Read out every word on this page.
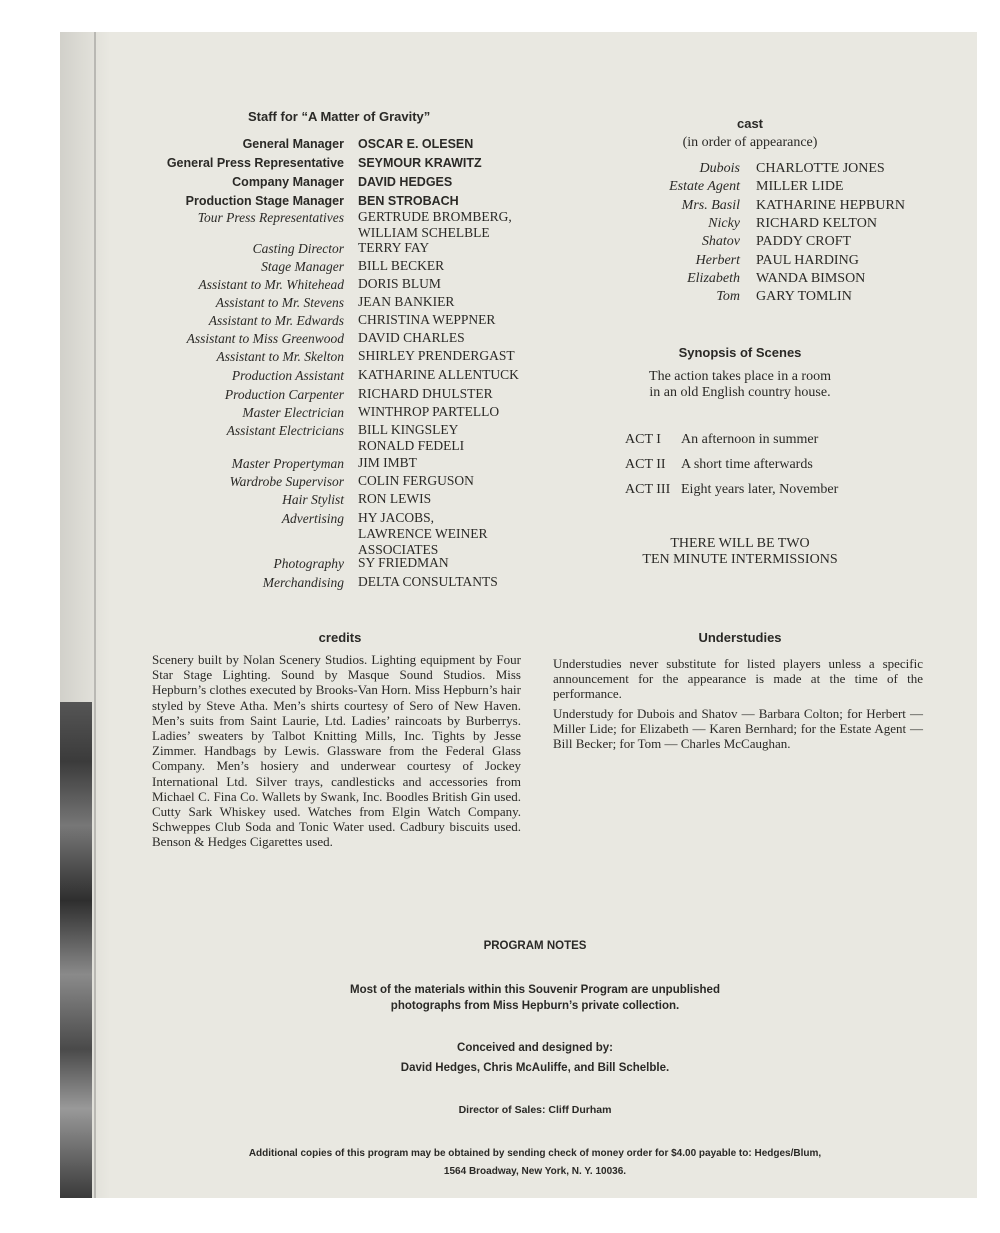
Staff for “A Matter of Gravity”
General Manager OSCAR E. OLESEN
General Press Representative SEYMOUR KRAWITZ
Company Manager DAVID HEDGES
Production Stage Manager BEN STROBACH
Tour Press Representatives GERTRUDE BROMBERG,
WILLIAM SCHELBLE
Casting Director TERRY FAY
Stage Manager BILL BECKER
Assistant to Mr. Whitehead DORIS BLUM
Assistant to Mr. Stevens JEAN BANKIER
Assistant to Mr. Edwards CHRISTINA WEPPNER
Assistant to Miss Greenwood DAVID CHARLES
Assistant to Mr. Skelton SHIRLEY PRENDERGAST
Production Assistant KATHARINE ALLENTUCK
Production Carpenter RICHARD DHULSTER
Master Electrician WINTHROP PARTELLO
Assistant Electricians BILL KINGSLEY
RONALD FEDELI
Master Propertyman JIM IMBT
Wardrobe Supervisor COLIN FERGUSON
Hair Stylist RON LEWIS
Advertising HY JACOBS,
LAWRENCE WEINER
ASSOCIATES
Photography SY FRIEDMAN
Merchandising DELTA CONSULTANTS
cast
(in order of appearance)
Dubois CHARLOTTE JONES
Estate Agent MILLER LIDE
Mrs. Basil KATHARINE HEPBURN
Nicky RICHARD KELTON
Shatov PADDY CROFT
Herbert PAUL HARDING
Elizabeth WANDA BIMSON
Tom GARY TOMLIN
Synopsis of Scenes
The action takes place in a room
in an old English country house.
ACT I	An afternoon in summer
ACT II	A short time afterwards
ACT III Eight years later, November
THERE WILL BE TWO
TEN MINUTE INTERMISSIONS
credits
Scenery built by Nolan Scenery Studios. Lighting equipment by Four Star Stage Lighting. Sound by Masque Sound Studios. Miss Hepburn’s clothes executed by Brooks-Van Horn. Miss Hepburn’s hair styled by Steve Atha. Men’s shirts courtesy of Sero of New Haven. Men’s suits from Saint Laurie, Ltd. Ladies’ raincoats by Burberrys. Ladies’ sweaters by Talbot Knitting Mills, Inc. Tights by Jesse Zimmer. Handbags by Lewis. Glassware from the Federal Glass Company. Men’s hosiery and underwear courtesy of Jockey International Ltd. Silver trays, candlesticks and accessories from Michael C. Fina Co. Wallets by Swank, Inc. Boodles British Gin used. Cutty Sark Whiskey used. Watches from Elgin Watch Company. Schweppes Club Soda and Tonic Water used. Cadbury biscuits used. Benson & Hedges Cigarettes used.
Understudies
Understudies never substitute for listed players unless a specific announcement for the appearance is made at the time of the performance.
Understudy for Dubois and Shatov — Barbara Colton; for Herbert — Miller Lide; for Elizabeth — Karen Bernhard; for the Estate Agent — Bill Becker; for Tom — Charles McCaughan.
PROGRAM NOTES
Most of the materials within this Souvenir Program are unpublished
photographs from Miss Hepburn’s private collection.
Conceived and designed by:
David Hedges, Chris McAuliffe, and Bill Schelble.
Director of Sales: Cliff Durham
Additional copies of this program may be obtained by sending check of money order for $4.00 payable to: Hedges/Blum,
1564 Broadway, New York, N. Y. 10036.
